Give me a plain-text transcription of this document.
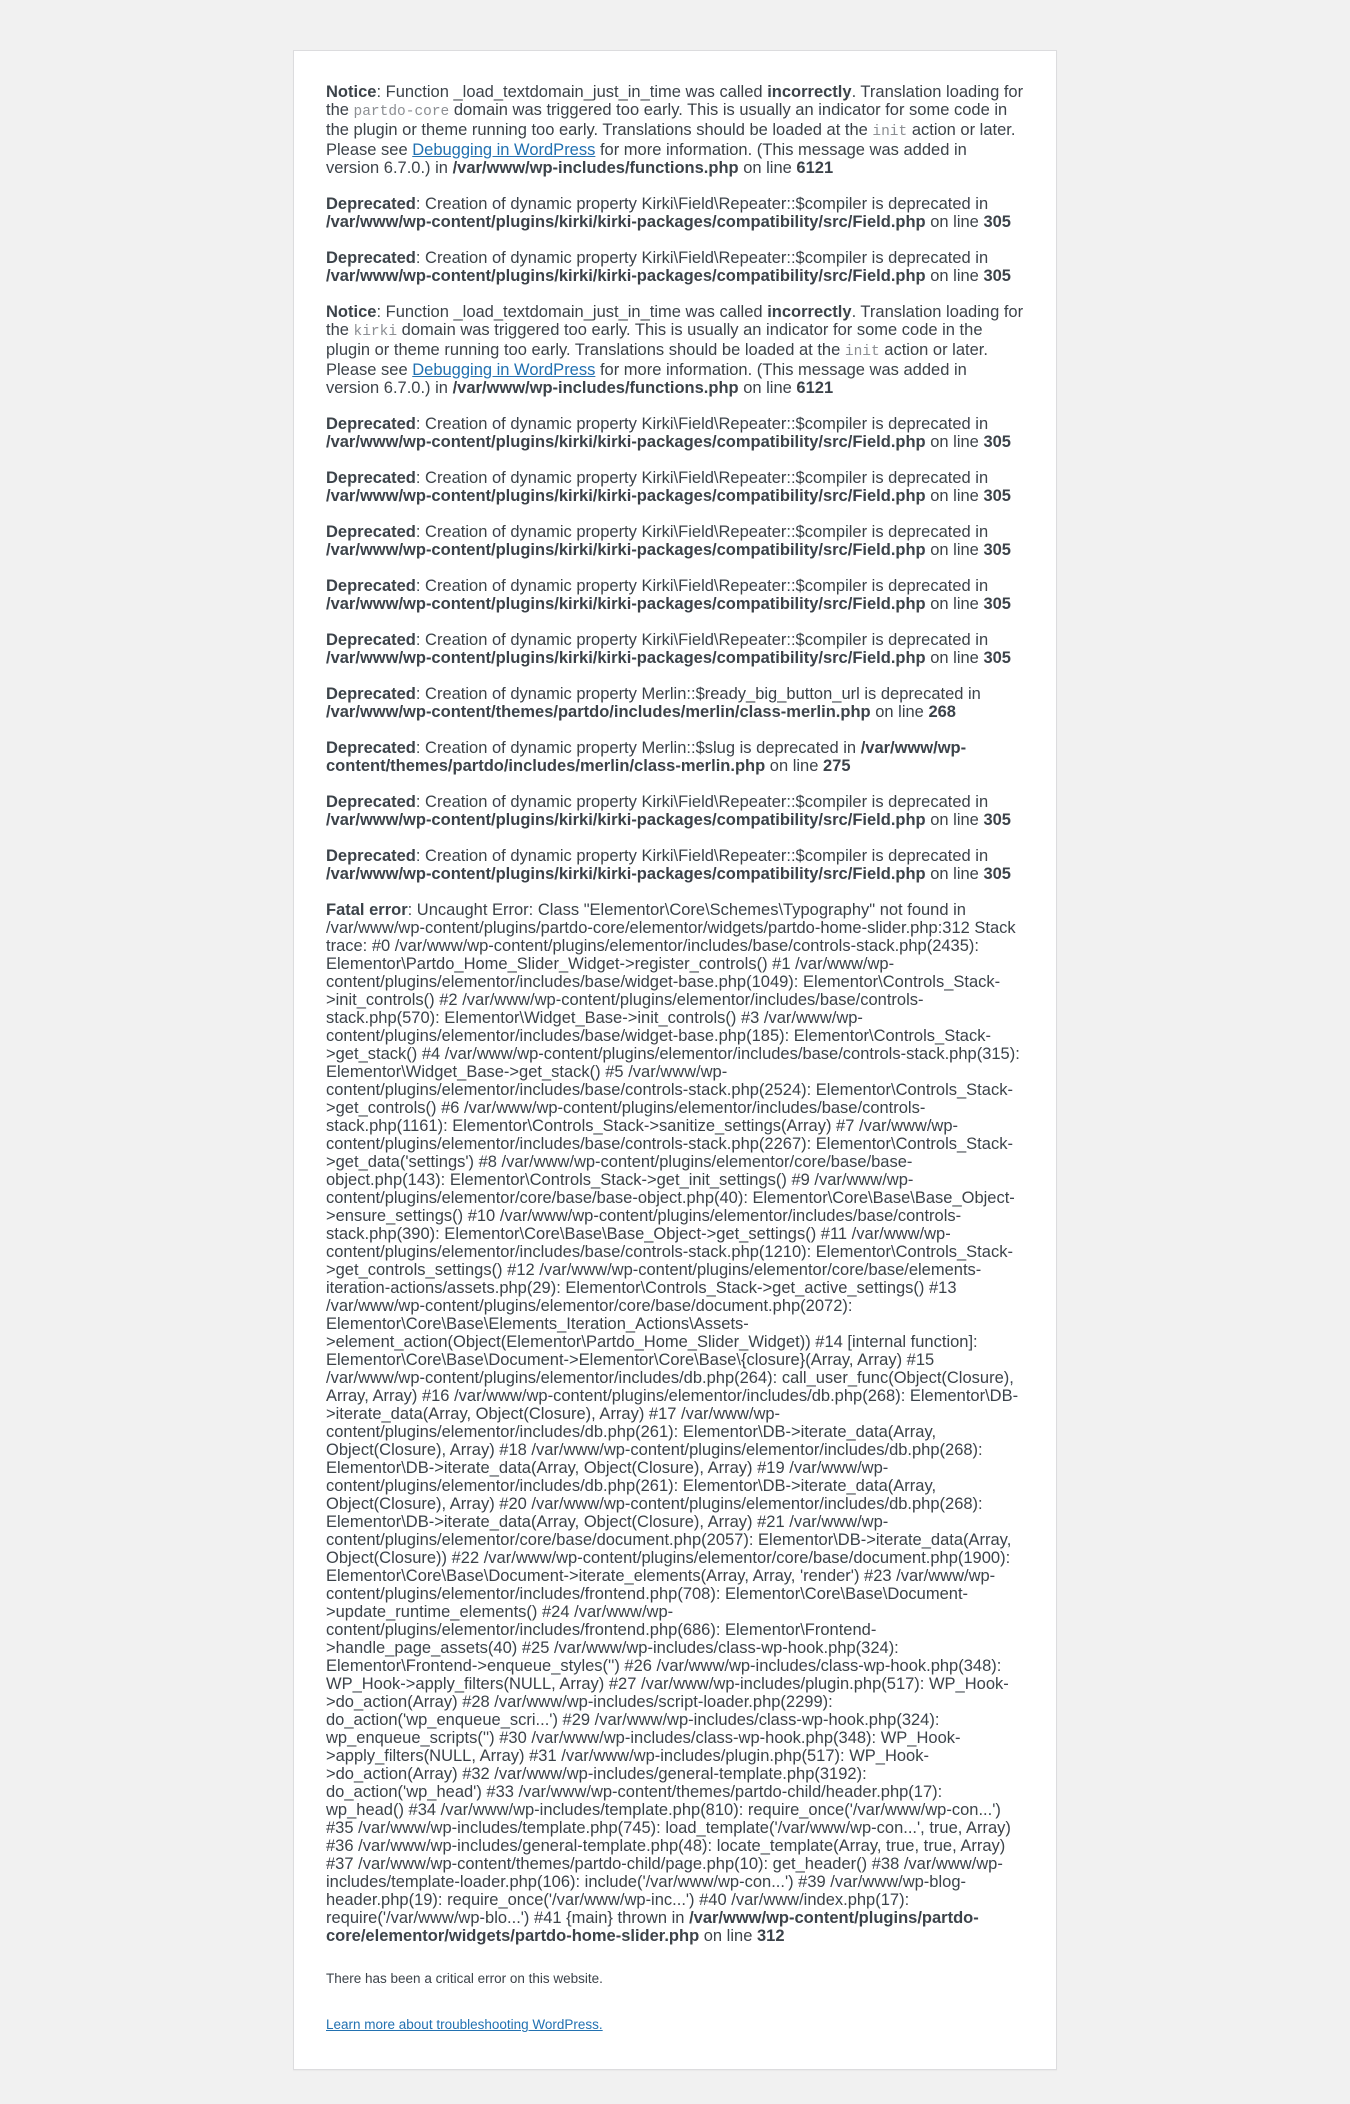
Notice: Function _load_textdomain_just_in_time was called incorrectly. Translation loading for the partdo-core domain was triggered too early. This is usually an indicator for some code in the plugin or theme running too early. Translations should be loaded at the init action or later. Please see Debugging in WordPress for more information. (This message was added in version 6.7.0.) in /var/www/wp-includes/functions.php on line 6121

Deprecated: Creation of dynamic property Kirki\Field\Repeater::$compiler is deprecated in /var/www/wp-content/plugins/kirki/kirki-packages/compatibility/src/Field.php on line 305

Deprecated: Creation of dynamic property Kirki\Field\Repeater::$compiler is deprecated in /var/www/wp-content/plugins/kirki/kirki-packages/compatibility/src/Field.php on line 305

Notice: Function _load_textdomain_just_in_time was called incorrectly. Translation loading for the kirki domain was triggered too early. This is usually an indicator for some code in the plugin or theme running too early. Translations should be loaded at the init action or later. Please see Debugging in WordPress for more information. (This message was added in version 6.7.0.) in /var/www/wp-includes/functions.php on line 6121

Deprecated: Creation of dynamic property Kirki\Field\Repeater::$compiler is deprecated in /var/www/wp-content/plugins/kirki/kirki-packages/compatibility/src/Field.php on line 305

Deprecated: Creation of dynamic property Kirki\Field\Repeater::$compiler is deprecated in /var/www/wp-content/plugins/kirki/kirki-packages/compatibility/src/Field.php on line 305

Deprecated: Creation of dynamic property Kirki\Field\Repeater::$compiler is deprecated in /var/www/wp-content/plugins/kirki/kirki-packages/compatibility/src/Field.php on line 305

Deprecated: Creation of dynamic property Kirki\Field\Repeater::$compiler is deprecated in /var/www/wp-content/plugins/kirki/kirki-packages/compatibility/src/Field.php on line 305

Deprecated: Creation of dynamic property Kirki\Field\Repeater::$compiler is deprecated in /var/www/wp-content/plugins/kirki/kirki-packages/compatibility/src/Field.php on line 305

Deprecated: Creation of dynamic property Merlin::$ready_big_button_url is deprecated in /var/www/wp-content/themes/partdo/includes/merlin/class-merlin.php on line 268

Deprecated: Creation of dynamic property Merlin::$slug is deprecated in /var/www/wp-content/themes/partdo/includes/merlin/class-merlin.php on line 275

Deprecated: Creation of dynamic property Kirki\Field\Repeater::$compiler is deprecated in /var/www/wp-content/plugins/kirki/kirki-packages/compatibility/src/Field.php on line 305

Deprecated: Creation of dynamic property Kirki\Field\Repeater::$compiler is deprecated in /var/www/wp-content/plugins/kirki/kirki-packages/compatibility/src/Field.php on line 305

Fatal error: Uncaught Error: Class "Elementor\Core\Schemes\Typography" not found in /var/www/wp-content/plugins/partdo-core/elementor/widgets/partdo-home-slider.php:312 Stack trace: #0 /var/www/wp-content/plugins/elementor/includes/base/controls-stack.php(2435): Elementor\Partdo_Home_Slider_Widget->register_controls() #1 /var/www/wp-content/plugins/elementor/includes/base/widget-base.php(1049): Elementor\Controls_Stack->init_controls() #2 /var/www/wp-content/plugins/elementor/includes/base/controls-stack.php(570): Elementor\Widget_Base->init_controls() #3 /var/www/wp-content/plugins/elementor/includes/base/widget-base.php(185): Elementor\Controls_Stack->get_stack() #4 /var/www/wp-content/plugins/elementor/includes/base/controls-stack.php(315): Elementor\Widget_Base->get_stack() #5 /var/www/wp-content/plugins/elementor/includes/base/controls-stack.php(2524): Elementor\Controls_Stack->get_controls() #6 /var/www/wp-content/plugins/elementor/includes/base/controls-stack.php(1161): Elementor\Controls_Stack->sanitize_settings(Array) #7 /var/www/wp-content/plugins/elementor/includes/base/controls-stack.php(2267): Elementor\Controls_Stack->get_data('settings') #8 /var/www/wp-content/plugins/elementor/core/base/base-object.php(143): Elementor\Controls_Stack->get_init_settings() #9 /var/www/wp-content/plugins/elementor/core/base/base-object.php(40): Elementor\Core\Base\Base_Object->ensure_settings() #10 /var/www/wp-content/plugins/elementor/includes/base/controls-stack.php(390): Elementor\Core\Base\Base_Object->get_settings() #11 /var/www/wp-content/plugins/elementor/includes/base/controls-stack.php(1210): Elementor\Controls_Stack->get_controls_settings() #12 /var/www/wp-content/plugins/elementor/core/base/elements-iteration-actions/assets.php(29): Elementor\Controls_Stack->get_active_settings() #13 /var/www/wp-content/plugins/elementor/core/base/document.php(2072): Elementor\Core\Base\Elements_Iteration_Actions\Assets->element_action(Object(Elementor\Partdo_Home_Slider_Widget)) #14 [internal function]: Elementor\Core\Base\Document->Elementor\Core\Base\{closure}(Array, Array) #15 /var/www/wp-content/plugins/elementor/includes/db.php(264): call_user_func(Object(Closure), Array, Array) #16 /var/www/wp-content/plugins/elementor/includes/db.php(268): Elementor\DB->iterate_data(Array, Object(Closure), Array) #17 /var/www/wp-content/plugins/elementor/includes/db.php(261): Elementor\DB->iterate_data(Array, Object(Closure), Array) #18 /var/www/wp-content/plugins/elementor/includes/db.php(268): Elementor\DB->iterate_data(Array, Object(Closure), Array) #19 /var/www/wp-content/plugins/elementor/includes/db.php(261): Elementor\DB->iterate_data(Array, Object(Closure), Array) #20 /var/www/wp-content/plugins/elementor/includes/db.php(268): Elementor\DB->iterate_data(Array, Object(Closure), Array) #21 /var/www/wp-content/plugins/elementor/core/base/document.php(2057): Elementor\DB->iterate_data(Array, Object(Closure)) #22 /var/www/wp-content/plugins/elementor/core/base/document.php(1900): Elementor\Core\Base\Document->iterate_elements(Array, Array, 'render') #23 /var/www/wp-content/plugins/elementor/includes/frontend.php(708): Elementor\Core\Base\Document->update_runtime_elements() #24 /var/www/wp-content/plugins/elementor/includes/frontend.php(686): Elementor\Frontend->handle_page_assets(40) #25 /var/www/wp-includes/class-wp-hook.php(324): Elementor\Frontend->enqueue_styles('') #26 /var/www/wp-includes/class-wp-hook.php(348): WP_Hook->apply_filters(NULL, Array) #27 /var/www/wp-includes/plugin.php(517): WP_Hook->do_action(Array) #28 /var/www/wp-includes/script-loader.php(2299): do_action('wp_enqueue_scri...') #29 /var/www/wp-includes/class-wp-hook.php(324): wp_enqueue_scripts('') #30 /var/www/wp-includes/class-wp-hook.php(348): WP_Hook->apply_filters(NULL, Array) #31 /var/www/wp-includes/plugin.php(517): WP_Hook->do_action(Array) #32 /var/www/wp-includes/general-template.php(3192): do_action('wp_head') #33 /var/www/wp-content/themes/partdo-child/header.php(17): wp_head() #34 /var/www/wp-includes/template.php(810): require_once('/var/www/wp-con...') #35 /var/www/wp-includes/template.php(745): load_template('/var/www/wp-con...', true, Array) #36 /var/www/wp-includes/general-template.php(48): locate_template(Array, true, true, Array) #37 /var/www/wp-content/themes/partdo-child/page.php(10): get_header() #38 /var/www/wp-includes/template-loader.php(106): include('/var/www/wp-con...') #39 /var/www/wp-blog-header.php(19): require_once('/var/www/wp-inc...') #40 /var/www/index.php(17): require('/var/www/wp-blo...') #41 {main} thrown in /var/www/wp-content/plugins/partdo-core/elementor/widgets/partdo-home-slider.php on line 312

There has been a critical error on this website.

Learn more about troubleshooting WordPress.
